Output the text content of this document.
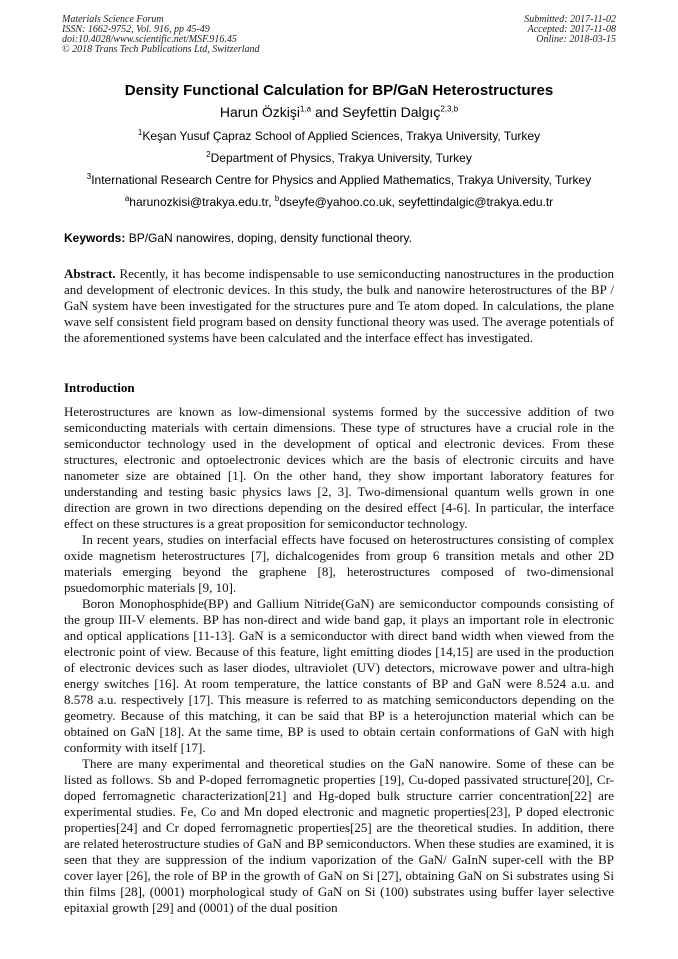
Materials Science Forum
ISSN: 1662-9752, Vol. 916, pp 45-49
doi:10.4028/www.scientific.net/MSF.916.45
© 2018 Trans Tech Publications Ltd, Switzerland
Submitted: 2017-11-02
Accepted: 2017-11-08
Online: 2018-03-15
Density Functional Calculation for BP/GaN Heterostructures
Harun Özkişi$^{1,a}$ and Seyfettin Dalgıç$^{2,3,b}$
$^1$Keşan Yusuf Çapraz School of Applied Sciences, Trakya University, Turkey
$^2$Department of Physics, Trakya University, Turkey
$^3$International Research Centre for Physics and Applied Mathematics, Trakya University, Turkey
$^a$harunozkisi@trakya.edu.tr, $^b$dseyfe@yahoo.co.uk, seyfettindalgic@trakya.edu.tr
Keywords: BP/GaN nanowires, doping, density functional theory.

Abstract. Recently, it has become indispensable to use semiconducting nanostructures in the production and development of electronic devices. In this study, the bulk and nanowire heterostructures of the BP / GaN system have been investigated for the structures pure and Te atom doped. In calculations, the plane wave self consistent field program based on density functional theory was used. The average potentials of the aforementioned systems have been calculated and the interface effect has investigated.

Introduction

Heterostructures are known as low-dimensional systems formed by the successive addition of two semiconducting materials with certain dimensions. These type of structures have a crucial role in the semiconductor technology used in the development of optical and electronic devices. From these structures, electronic and optoelectronic devices which are the basis of electronic circuits and have nanometer size are obtained [1]. On the other hand, they show important laboratory features for understanding and testing basic physics laws [2, 3]. Two-dimensional quantum wells grown in one direction are grown in two directions depending on the desired effect [4-6]. In particular, the interface effect on these structures is a great proposition for semiconductor technology.

In recent years, studies on interfacial effects have focused on heterostructures consisting of complex oxide magnetism heterostructures [7], dichalcogenides from group 6 transition metals and other 2D materials emerging beyond the graphene [8], heterostructures composed of two-dimensional psuedomorphic materials [9, 10].

Boron Monophosphide(BP) and Gallium Nitride(GaN) are semiconductor compounds consisting of the group III-V elements. BP has non-direct and wide band gap, it plays an important role in electronic and optical applications [11-13]. GaN is a semiconductor with direct band width when viewed from the electronic point of view. Because of this feature, light emitting diodes [14,15] are used in the production of electronic devices such as laser diodes, ultraviolet (UV) detectors, microwave power and ultra-high energy switches [16]. At room temperature, the lattice constants of BP and GaN were 8.524 a.u. and 8.578 a.u. respectively [17]. This measure is referred to as matching semiconductors depending on the geometry. Because of this matching, it can be said that BP is a heterojunction material which can be obtained on GaN [18]. At the same time, BP is used to obtain certain conformations of GaN with high conformity with itself [17].

There are many experimental and theoretical studies on the GaN nanowire. Some of these can be listed as follows. Sb and P-doped ferromagnetic properties [19], Cu-doped passivated structure[20], Cr-doped ferromagnetic characterization[21] and Hg-doped bulk structure carrier concentration[22] are experimental studies. Fe, Co and Mn doped electronic and magnetic properties[23], P doped electronic properties[24] and Cr doped ferromagnetic properties[25] are the theoretical studies. In addition, there are related heterostructure studies of GaN and BP semiconductors. When these studies are examined, it is seen that they are suppression of the indium vaporization of the GaN/ GaInN super-cell with the BP cover layer [26], the role of BP in the growth of GaN on Si [27], obtaining GaN on Si substrates using Si thin films [28], (0001) morphological study of GaN on Si (100) substrates using buffer layer selective epitaxial growth [29] and (0001) of the dual position
